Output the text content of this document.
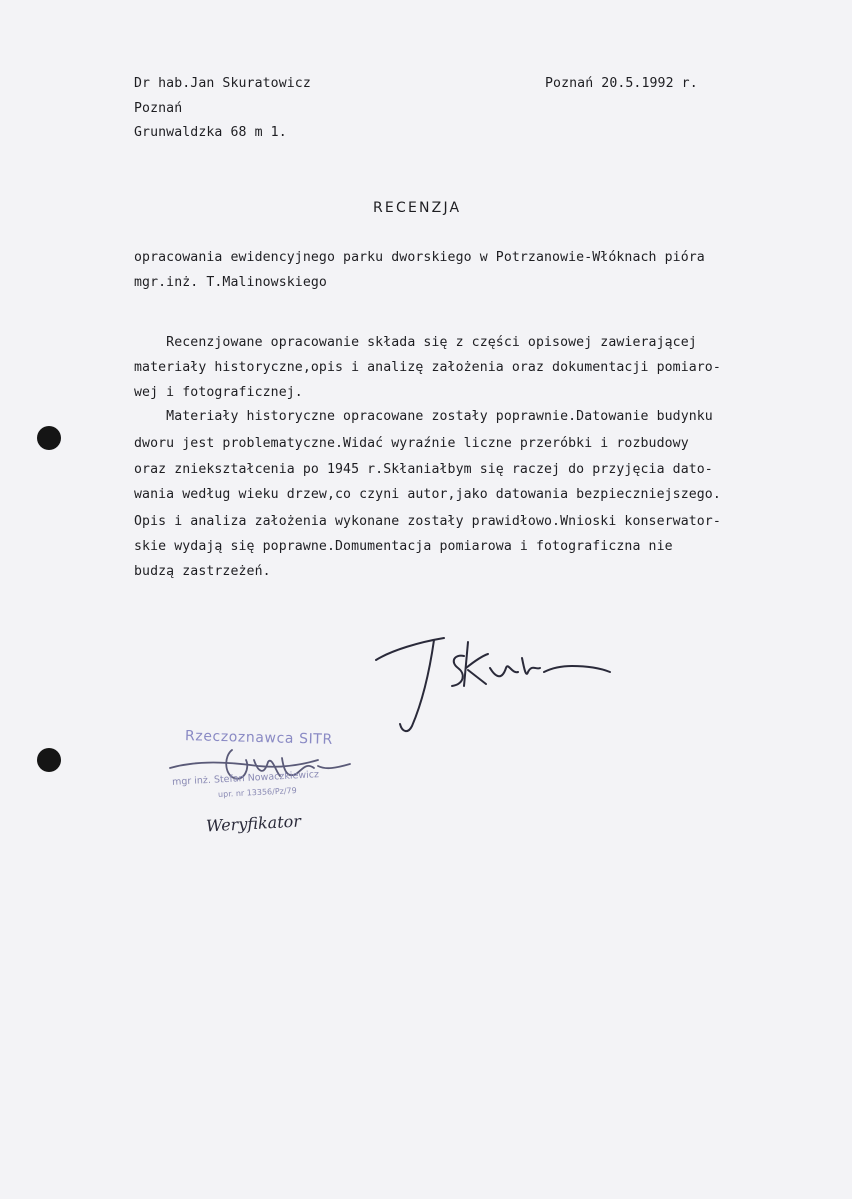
Dr hab.Jan Skuratowicz
Poznań
Grunwaldzka 68 m 1.
Poznań 20.5.1992 r.
RECENZJA
opracowania ewidencyjnego parku dworskiego w Potrzanowie-Włóknach pióra
mgr.inż. T.Malinowskiego
Recenzjowane opracowanie składa się z części opisowej zawierającej
materiały historyczne,opis i analizę założenia oraz dokumentacji pomiaro-
wej i fotograficznej.
Materiały historyczne opracowane zostały poprawnie.Datowanie budynku
dworu jest problematyczne.Widać wyraźnie liczne przeróbki i rozbudowy
oraz zniekształcenia po 1945 r.Skłaniałbym się raczej do przyjęcia dato-
wania według wieku drzew,co czyni autor,jako datowania bezpieczniejszego.
Opis i analiza założenia wykonane zostały prawidłowo.Wnioski konserwator-
skie wydają się poprawne.Domumentacja pomiarowa i fotograficzna nie
budzą zastrzeżeń.
Rzeczoznawca SITR
mgr inż. Stefan Nowaczkiewicz
upr. nr 13356/Pz/79
Weryfikator
